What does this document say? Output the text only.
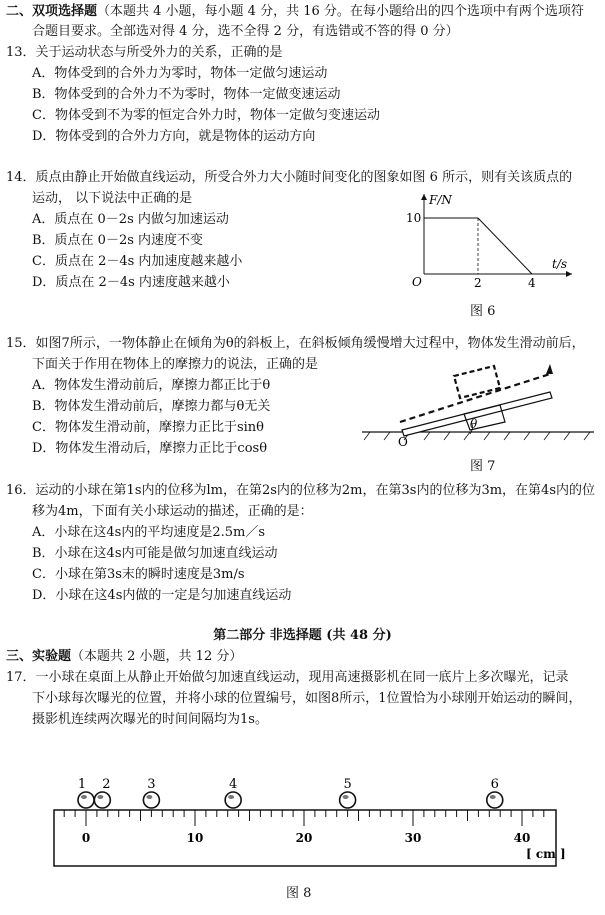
二、双项选择题（本题共 4 小题，每小题 4 分，共 16 分。在每小题给出的四个选项中有两个选项符
合题目要求。全部选对得 4 分，选不全得 2 分，有选错或不答的得 0 分）
13．关于运动状态与所受外力的关系，正确的是
A．物体受到的合外力为零时，物体一定做匀速运动
B．物体受到的合外力不为零时，物体一定做变速运动
C．物体受到不为零的恒定合外力时，物体一定做匀变速运动
D．物体受到的合外力方向，就是物体的运动方向
14．质点由静止开始做直线运动，所受合外力大小随时间变化的图象如图 6 所示，则有关该质点的
运动， 以下说法中正确的是
A．质点在 0－2s 内做匀加速运动
B．质点在 0－2s 内速度不变
C．质点在 2－4s 内加速度越来越小
D．质点在 2－4s 内速度越来越小
F/N
t/s
O
10
2	4
图 6
15．如图7所示，一物体静止在倾角为θ的斜板上，在斜板倾角缓慢增大过程中，物体发生滑动前后，
下面关于作用在物体上的摩擦力的说法，正确的是
A．物体发生滑动前后，摩擦力都正比于θ
B．物体发生滑动前后，摩擦力都与θ无关
C．物体发生滑动前，摩擦力正比于sinθ
D．物体发生滑动后，摩擦力正比于cosθ	O
θ
图 7
16．运动的小球在第1s内的位移为lm，在第2s内的位移为2m，在第3s内的位移为3m，在第4s内的位
移为4m，下面有关小球运动的描述，正确的是：
A．小球在这4s内的平均速度是2.5m／s
B．小球在这4s内可能是做匀加速直线运动
C．小球在第3s末的瞬时速度是3m/s
D．小球在这4s内做的一定是匀加速直线运动
第二部分 非选择题 (共 48 分)
三、实验题（本题共 2 小题，共 12 分）
17．一小球在桌面上从静止开始做匀加速直线运动，现用高速摄影机在同一底片上多次曝光，记录
下小球每次曝光的位置，并将小球的位置编号，如图8所示，1位置恰为小球刚开始运动的瞬间，
摄影机连续两次曝光的时间间隔均为1s。
0	10	20	30	40
1 2	3	4	5	6
[ cm ]
图 8
